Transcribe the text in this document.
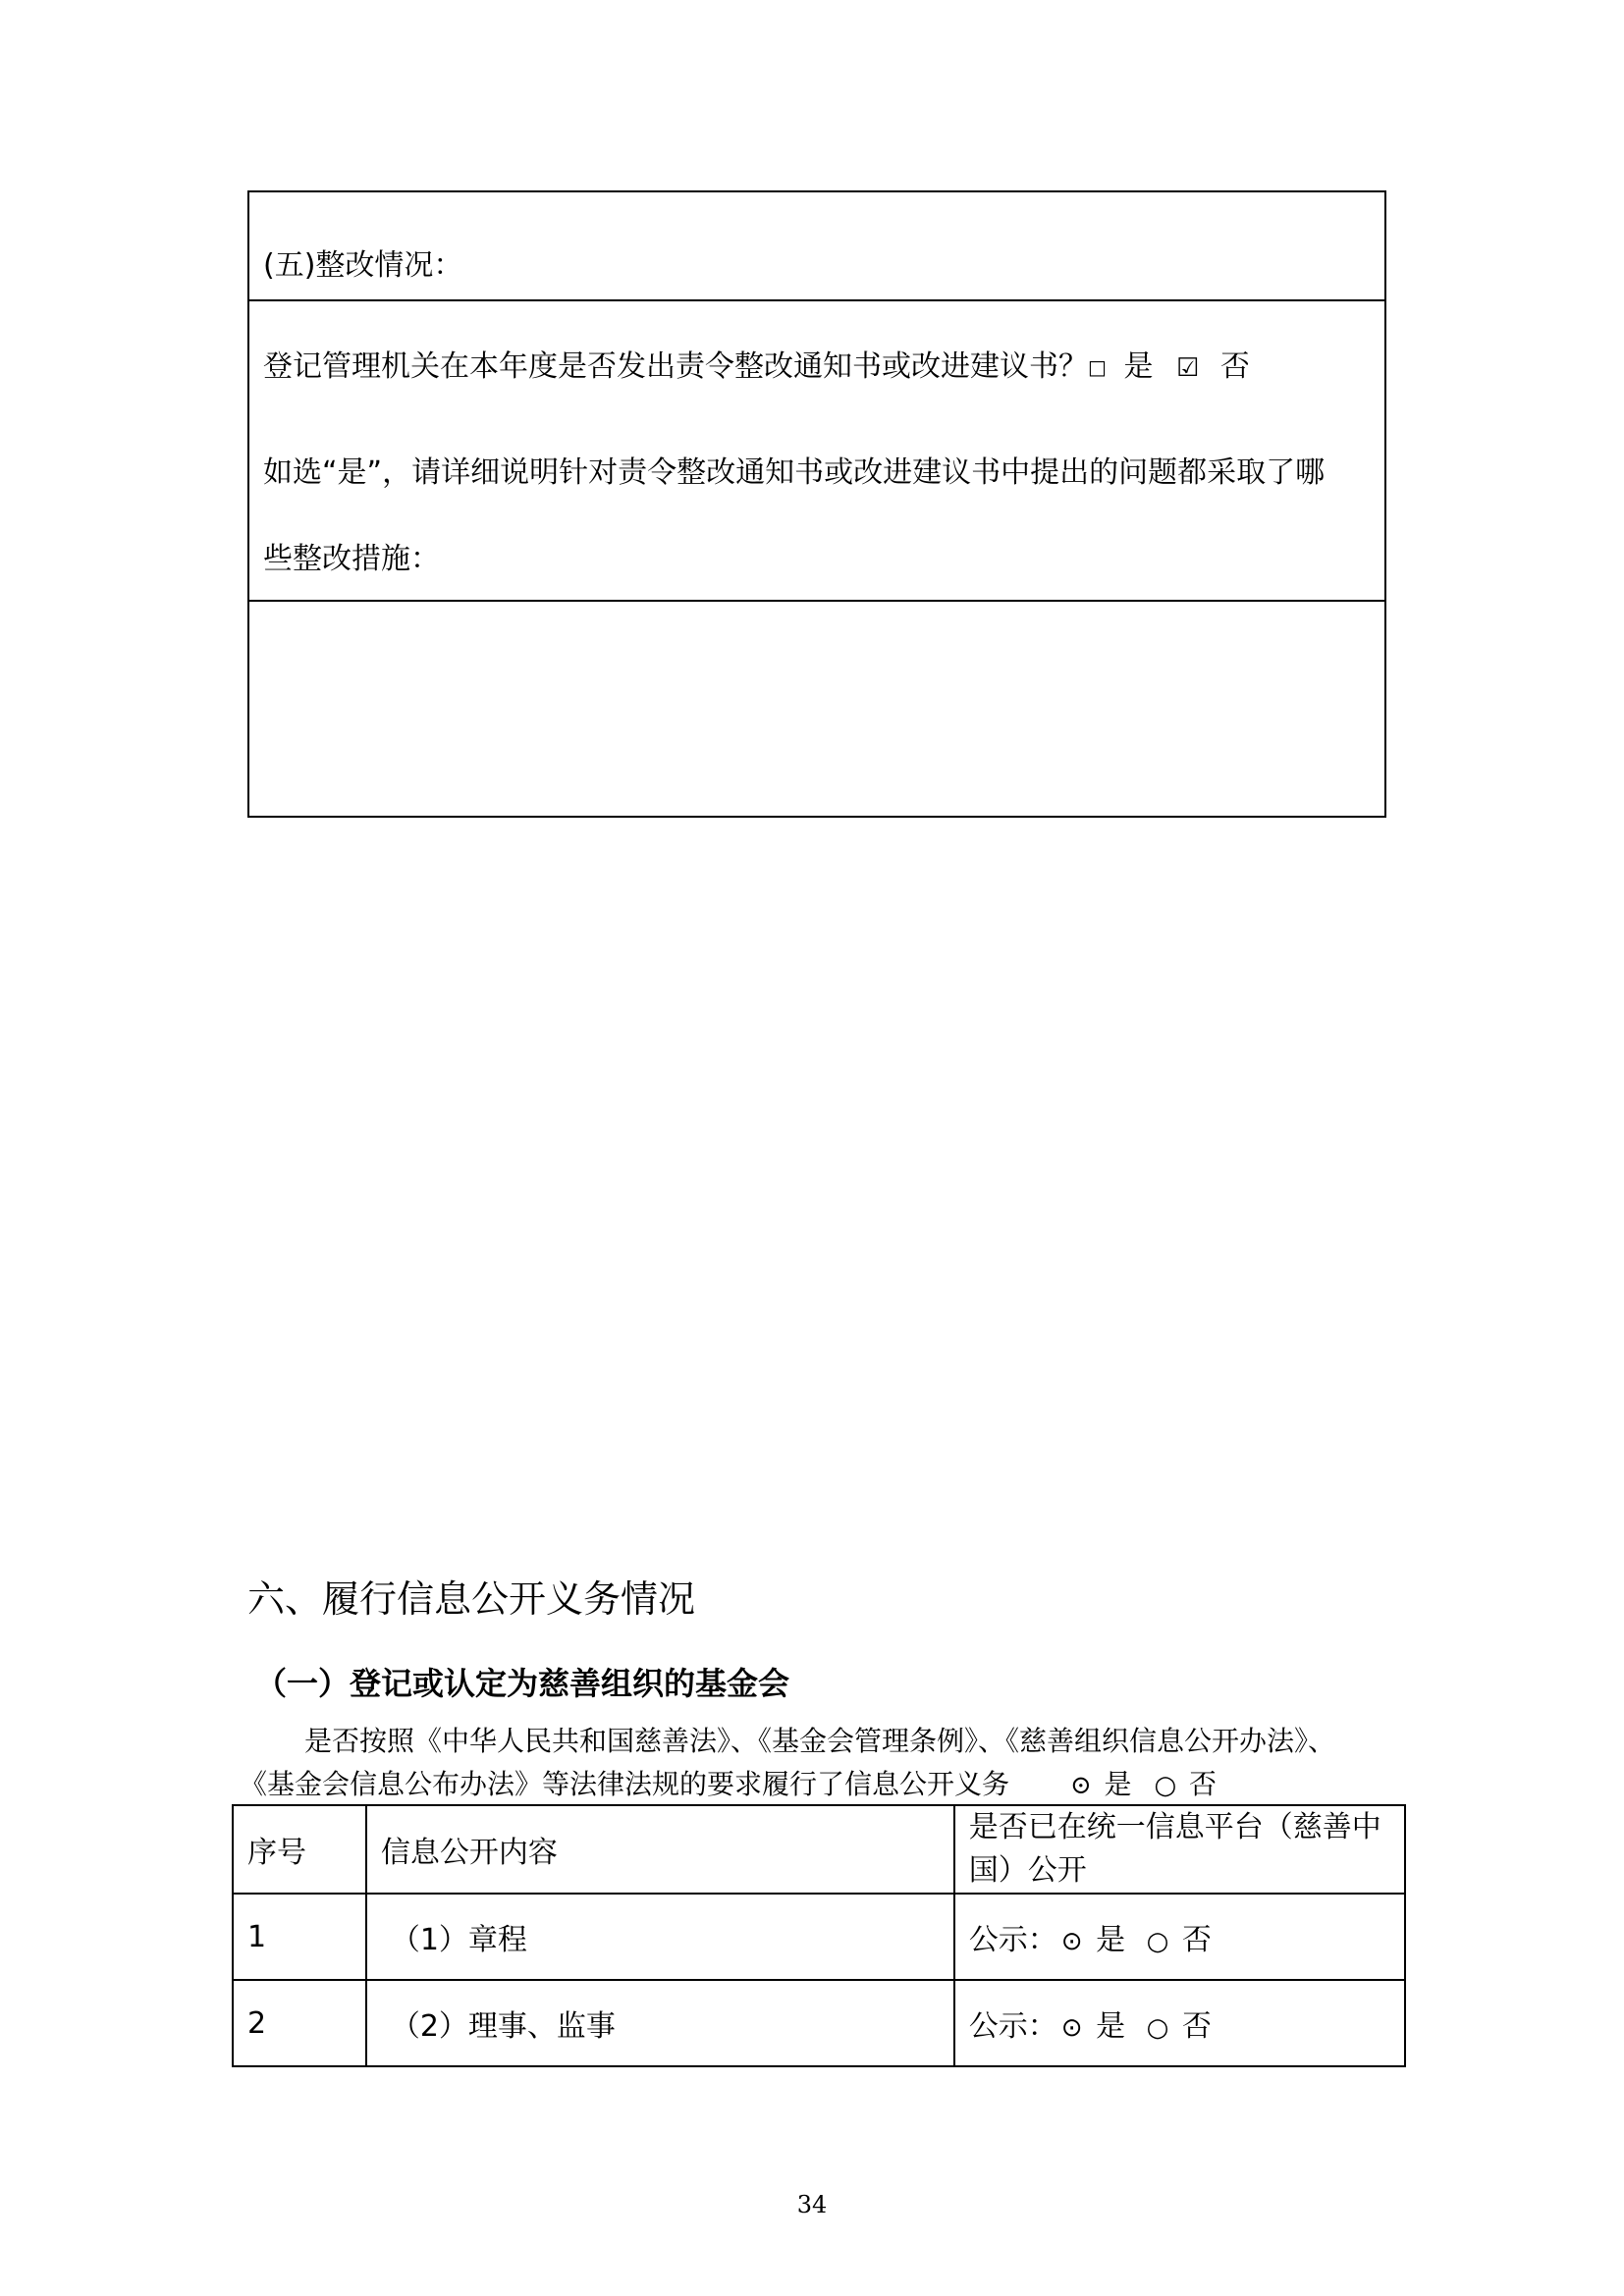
(五)整改情况：
登记管理机关在本年度是否发出责令整改通知书或改进建议书？□ 是 ☑ 否
如选“是”，请详细说明针对责令整改通知书或改进建议书中提出的问题都采取了哪
些整改措施：
六、履行信息公开义务情况
（一）登记或认定为慈善组织的基金会
是否按照《中华人民共和国慈善法》、《基金会管理条例》、《慈善组织信息公开办法》、
《基金会信息公布办法》等法律法规的要求履行了信息公开义务 ⊙ 是 ○ 否
序号	信息公开内容	是否已在统一信息平台（慈善中
国）公开

1	（1）章程	公示： ⊙ 是 ○ 否
2	（2）理事、监事	公示： ⊙ 是 ○ 否
34
